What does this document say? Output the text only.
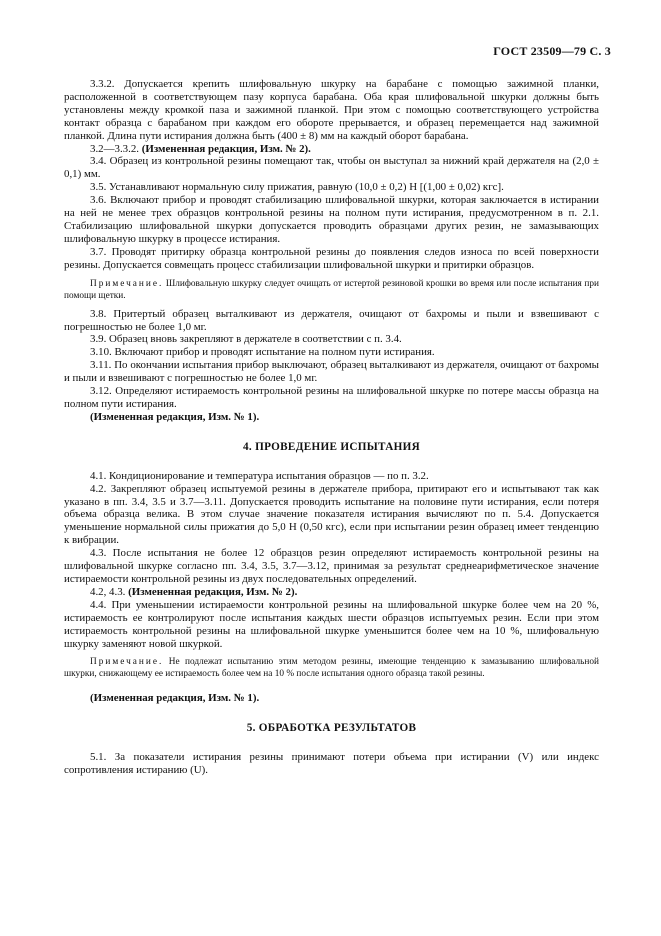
ГОСТ 23509—79 С. 3

3.3.2. Допускается крепить шлифовальную шкурку на барабане с помощью зажимной планки, расположенной в соответствующем пазу корпуса барабана. Оба края шлифовальной шкурки должны быть установлены между кромкой паза и зажимной планкой. При этом с помощью соответствующего устройства контакт образца с барабаном при каждом его обороте прерывается, и образец перемещается над зажимной планкой. Длина пути истирания должна быть (400 ± 8) мм на каждый оборот барабана.

3.2—3.3.2. (Измененная редакция, Изм. № 2).

3.4. Образец из контрольной резины помещают так, чтобы он выступал за нижний край держателя на (2,0 ± 0,1) мм.

3.5. Устанавливают нормальную силу прижатия, равную (10,0 ± 0,2) Н [(1,00 ± 0,02) кгс].

3.6. Включают прибор и проводят стабилизацию шлифовальной шкурки, которая заключается в истирании на ней не менее трех образцов контрольной резины на полном пути истирания, предусмотренном в п. 2.1. Стабилизацию шлифовальной шкурки допускается проводить образцами других резин, не замазывающих шлифовальную шкурку в процессе истирания.

3.7. Проводят притирку образца контрольной резины до появления следов износа по всей поверхности резины. Допускается совмещать процесс стабилизации шлифовальной шкурки и притирки образцов.

Примечание. Шлифовальную шкурку следует очищать от истертой резиновой крошки во время или после испытания при помощи щетки.

3.8. Притертый образец выталкивают из держателя, очищают от бахромы и пыли и взвешивают с погрешностью не более 1,0 мг.

3.9. Образец вновь закрепляют в держателе в соответствии с п. 3.4.

3.10. Включают прибор и проводят испытание на полном пути истирания.

3.11. По окончании испытания прибор выключают, образец выталкивают из держателя, очищают от бахромы и пыли и взвешивают с погрешностью не более 1,0 мг.

3.12. Определяют истираемость контрольной резины на шлифовальной шкурке по потере массы образца на полном пути истирания.

(Измененная редакция, Изм. № 1).

4. ПРОВЕДЕНИЕ ИСПЫТАНИЯ

4.1. Кондиционирование и температура испытания образцов — по п. 3.2.

4.2. Закрепляют образец испытуемой резины в держателе прибора, притирают его и испытывают так как указано в пп. 3.4, 3.5 и 3.7—3.11. Допускается проводить испытание на половине пути истирания, если потеря объема образца велика. В этом случае значение показателя истирания вычисляют по п. 5.4. Допускается уменьшение нормальной силы прижатия до 5,0 Н (0,50 кгс), если при испытании резин образец имеет тенденцию к вибрации.

4.3. После испытания не более 12 образцов резин определяют истираемость контрольной резины на шлифовальной шкурке согласно пп. 3.4, 3.5, 3.7—3.12, принимая за результат среднеарифметическое значение истираемости контрольной резины из двух последовательных определений.

4.2, 4.3. (Измененная редакция, Изм. № 2).

4.4. При уменьшении истираемости контрольной резины на шлифовальной шкурке более чем на 20 %, истираемость ее контролируют после испытания каждых шести образцов испытуемых резин. Если при этом истираемость контрольной резины на шлифовальной шкурке уменьшится более чем на 10 %, шлифовальную шкурку заменяют новой шкуркой.

Примечание. Не подлежат испытанию этим методом резины, имеющие тенденцию к замазыванию шлифовальной шкурки, снижающему ее истираемость более чем на 10 % после испытания одного образца такой резины.

(Измененная редакция, Изм. № 1).

5. ОБРАБОТКА РЕЗУЛЬТАТОВ

5.1. За показатели истирания резины принимают потери объема при истирании (V) или индекс сопротивления истиранию (U).
